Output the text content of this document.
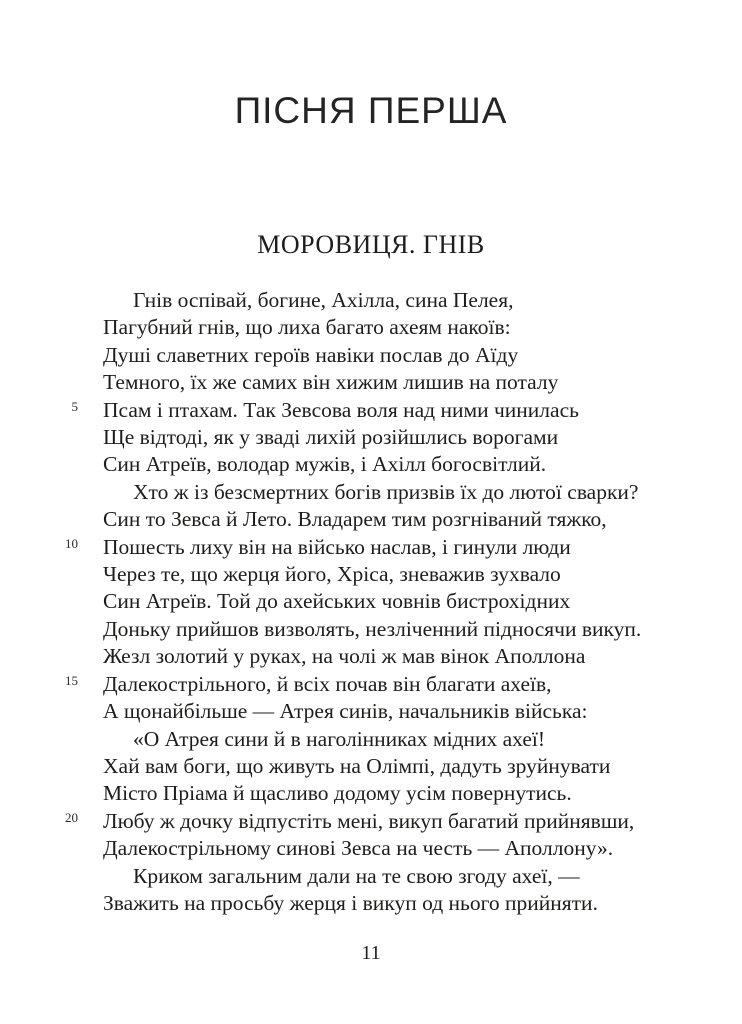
ПІСНЯ ПЕРША
МОРОВИЦЯ. ГНІВ
Гнів оспівай, богине, Ахілла, сина Пелея,
Пагубний гнів, що лиха багато ахеям накоїв:
Душі славетних героїв навіки послав до Аїду
Темного, їх же самих він хижим лишив на поталу
5 Псам і птахам. Так Зевсова воля над ними чинилась
Ще відтоді, як у зваді лихій розійшлись ворогами
Син Атреїв, володар мужів, і Ахілл богосвітлий.
Хто ж із безсмертних богів призвів їх до лютої сварки?
Син то Зевса й Лето. Владарем тим розгніваний тяжко,
10 Пошесть лиху він на військо наслав, і гинули люди
Через те, що жерця його, Хріса, зневажив зухвало
Син Атреїв. Той до ахейських човнів бистрохідних
Доньку прийшов визволять, незліченний підносячи викуп.
Жезл золотий у руках, на чолі ж мав вінок Аполлона
15 Далекострільного, й всіх почав він благати ахеїв,
А щонайбільше — Атрея синів, начальників війська:
«О Атрея сини й в наголінниках мідних ахеї!
Хай вам боги, що живуть на Олімпі, дадуть зруйнувати
Місто Пріама й щасливо додому усім повернутись.
20 Любу ж дочку відпустіть мені, викуп багатий прийнявши,
Далекострільному синові Зевса на честь — Аполлону».
Криком загальним дали на те свою згоду ахеї, —
Зважить на просьбу жерця і викуп од нього прийняти.
11
